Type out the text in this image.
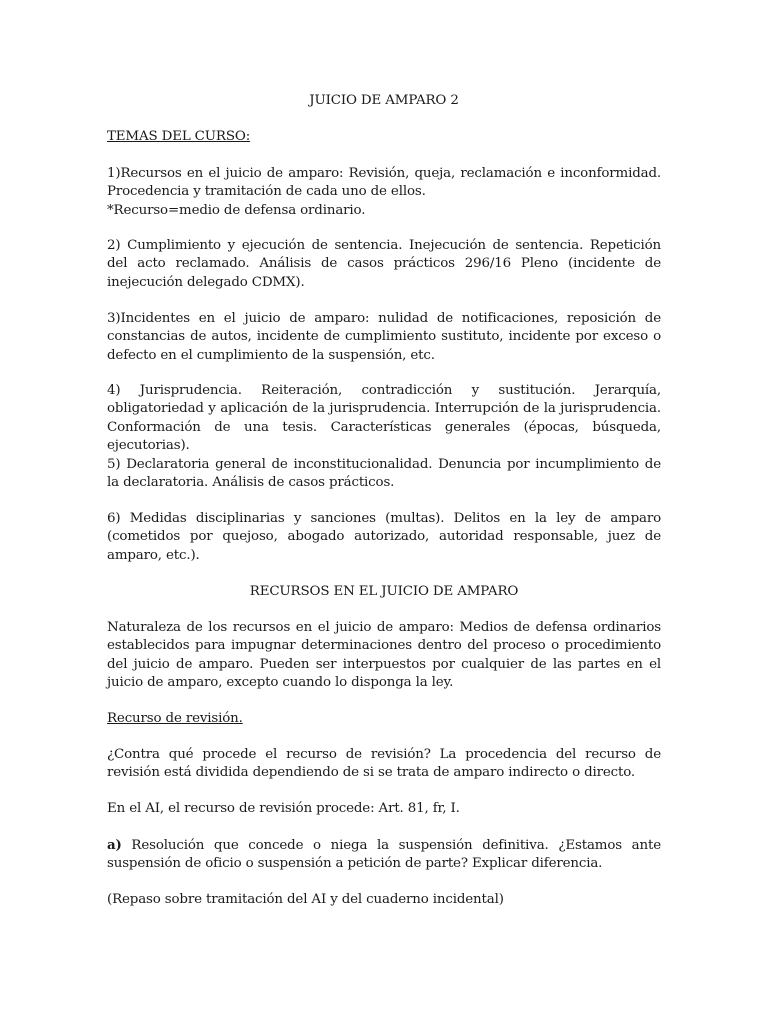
JUICIO DE AMPARO 2
TEMAS DEL CURSO:

1)Recursos en el juicio de amparo: Revisión, queja, reclamación e inconformidad. Procedencia y tramitación de cada uno de ellos.

*Recurso=medio de defensa ordinario.

2) Cumplimiento y ejecución de sentencia. Inejecución de sentencia. Repetición del acto reclamado. Análisis de casos prácticos 296/16 Pleno (incidente de inejecución delegado CDMX).
3)Incidentes en el juicio de amparo: nulidad de notificaciones, reposición de constancias de autos, incidente de cumplimiento sustituto, incidente por exceso o defecto en el cumplimiento de la suspensión, etc.
4) Jurisprudencia. Reiteración, contradicción y sustitución. Jerarquía, obligatoriedad y aplicación de la jurisprudencia. Interrupción de la jurisprudencia. Conformación de una tesis. Características generales (épocas, búsqueda, ejecutorias).
5) Declaratoria general de inconstitucionalidad. Denuncia por incumplimiento de la declaratoria. Análisis de casos prácticos.
6) Medidas disciplinarias y sanciones (multas). Delitos en la ley de amparo (cometidos por quejoso, abogado autorizado, autoridad responsable, juez de amparo, etc.).
RECURSOS EN EL JUICIO DE AMPARO
Naturaleza de los recursos en el juicio de amparo: Medios de defensa ordinarios establecidos para impugnar determinaciones dentro del proceso o procedimiento del juicio de amparo. Pueden ser interpuestos por cualquier de las partes en el juicio de amparo, excepto cuando lo disponga la ley.
Recurso de revisión.
¿Contra qué procede el recurso de revisión? La procedencia del recurso de revisión está dividida dependiendo de si se trata de amparo indirecto o directo.
En el AI, el recurso de revisión procede: Art. 81, fr, I.
a) Resolución que concede o niega la suspensión definitiva. ¿Estamos ante suspensión de oficio o suspensión a petición de parte? Explicar diferencia.
(Repaso sobre tramitación del AI y del cuaderno incidental)
